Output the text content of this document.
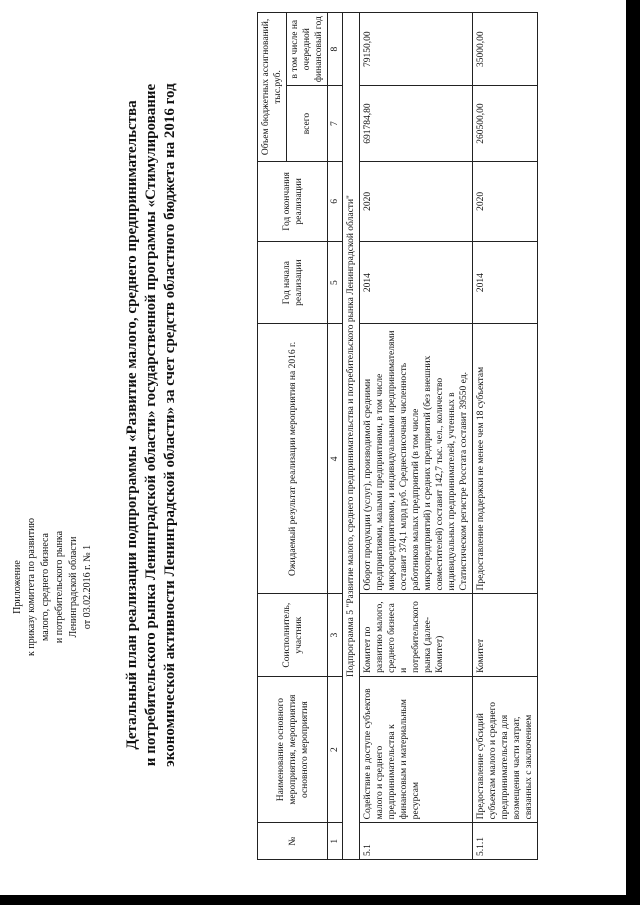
Приложение к приказу комитета по развитию малого, среднего бизнеса и потребительского рынка Ленинградской области от 03.02.2016 г. № 1 Детальный план реализации подпрограммы «Развитие малого, среднего предпринимательства и потребительского рынка Ленинградской области» государственной программы «Стимулирование экономической активности Ленинградской области» за счет средств областного бюджета на 2016 год
№	Наименование основного мероприятия, мероприятия основного мероприятия	Соисполнитель, участник	Ожидаемый результат реализации мероприятия на 2016 г.	Год начала реализации	Год окончания реализации	Объем бюджетных ассигнований, тыс.руб.	
						всего	в том числе на очередной финансовый год
1	2	3	4	5	6	7	8
Подпрограмма 5 "Развитие малого, среднего предпринимательства и потребительского рынка Ленинградской области"							
5.1	Содействие в доступе субъектов малого и среднего предпринимательства к финансовым и материальным ресурсам	Комитет по развитию малого, среднего бизнеса и потребительского рынка (далее-Комитет)	Оборот продукции (услуг), производимой средними предприятиями, малыми предприятиями, в том числе микропредприятиями, и индивидуальными предпринимателями составит 374,1 млрд руб. Среднесписочная численность работников малых предприятий (в том числе микропредприятий) и средних предприятий (без внешних совместителей) составит 142,7 тыс. чел., количество индивидуальных предпринимателей, учтенных в Статистическом регистре Росстата составит 39550 ед.	2014	2020	691784,80	79150,00
5.1.1	Предоставление субсидий субъектам малого и среднего предпринимательства для возмещения части затрат, связанных с заключением	Комитет	Предоставление поддержки не менее чем 18 субъектам	2014	2020	260500,00	35000,00
